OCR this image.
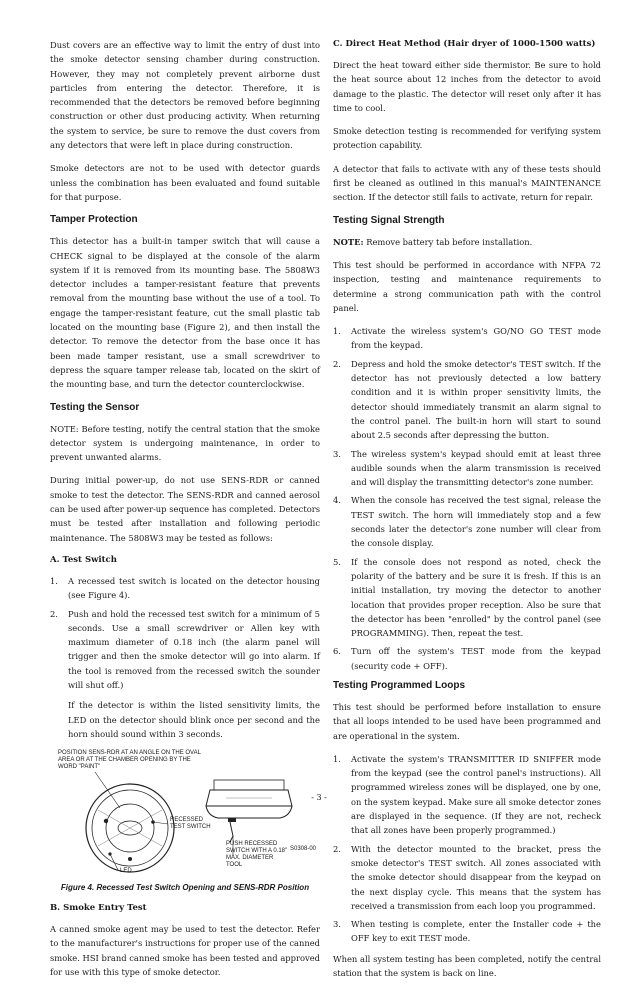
Dust covers are an effective way to limit the entry of dust into the smoke detector sensing chamber during construction. However, they may not completely prevent airborne dust particles from entering the detector. Therefore, it is recommended that the detectors be removed before beginning construction or other dust producing activity. When returning the system to service, be sure to remove the dust covers from any detectors that were left in place during construction.

Smoke detectors are not to be used with detector guards unless the combination has been evaluated and found suitable for that purpose.

Tamper Protection

This detector has a built-in tamper switch that will cause a CHECK signal to be displayed at the console of the alarm system if it is removed from its mounting base. The 5808W3 detector includes a tamper-resistant feature that prevents removal from the mounting base without the use of a tool. To engage the tamper-resistant feature, cut the small plastic tab located on the mounting base (Figure 2), and then install the detector. To remove the detector from the base once it has been made tamper resistant, use a small screwdriver to depress the square tamper release tab, located on the skirt of the mounting base, and turn the detector counterclockwise.

Testing the Sensor

NOTE: Before testing, notify the central station that the smoke detector system is undergoing maintenance, in order to prevent unwanted alarms.

During initial power-up, do not use SENS-RDR or canned smoke to test the detector. The SENS-RDR and canned aerosol can be used after power-up sequence has completed. Detectors must be tested after installation and following periodic maintenance. The 5808W3 may be tested as follows:

A. Test Switch
1. A recessed test switch is located on the detector housing (see Figure 4).
2. Push and hold the recessed test switch for a minimum of 5 seconds. Use a small screwdriver or Allen key with maximum diameter of 0.18 inch (the alarm panel will trigger and then the smoke detector will go into alarm. If the tool is removed from the recessed switch the sounder will shut off.)

If the detector is within the listed sensitivity limits, the LED on the detector should blink once per second and the horn should sound within 3 seconds.

POSITION SENS-RDR AT AN ANGLE ON THE OVAL AREA OR AT THE CHAMBER OPENING BY THE WORD "PAINT"
RECESSED TEST SWITCH
LED
PUSH RECESSED SWITCH WITH A 0.18" MAX. DIAMETER TOOL
S0308-00
Figure 4. Recessed Test Switch Opening and SENS-RDR Position
B. Smoke Entry Test

A canned smoke agent may be used to test the detector. Refer to the manufacturer's instructions for proper use of the canned smoke. HSI brand canned smoke has been tested and approved for use with this type of smoke detector.

C. Direct Heat Method (Hair dryer of 1000-1500 watts)

Direct the heat toward either side thermistor. Be sure to hold the heat source about 12 inches from the detector to avoid damage to the plastic. The detector will reset only after it has time to cool.

Smoke detection testing is recommended for verifying system protection capability.

A detector that fails to activate with any of these tests should first be cleaned as outlined in this manual's MAINTENANCE section. If the detector still fails to activate, return for repair.

Testing Signal Strength

NOTE: Remove battery tab before installation.

This test should be performed in accordance with NFPA 72 inspection, testing and maintenance requirements to determine a strong communication path with the control panel.

1. Activate the wireless system's GO/NO GO TEST mode from the keypad.
2. Depress and hold the smoke detector's TEST switch. If the detector has not previously detected a low battery condition and it is within proper sensitivity limits, the detector should immediately transmit an alarm signal to the control panel. The built-in horn will start to sound about 2.5 seconds after depressing the button.
3. The wireless system's keypad should emit at least three audible sounds when the alarm transmission is received and will display the transmitting detector's zone number.
4. When the console has received the test signal, release the TEST switch. The horn will immediately stop and a few seconds later the detector's zone number will clear from the console display.
5. If the console does not respond as noted, check the polarity of the battery and be sure it is fresh. If this is an initial installation, try moving the detector to another location that provides proper reception. Also be sure that the detector has been "enrolled" by the control panel (see PROGRAMMING). Then, repeat the test.
6. Turn off the system's TEST mode from the keypad (security code + OFF).
Testing Programmed Loops

This test should be performed before installation to ensure that all loops intended to be used have been programmed and are operational in the system.

1. Activate the system's TRANSMITTER ID SNIFFER mode from the keypad (see the control panel's instructions). All programmed wireless zones will be displayed, one by one, on the system keypad. Make sure all smoke detector zones are displayed in the sequence. (If they are not, recheck that all zones have been properly programmed.)
2. With the detector mounted to the bracket, press the smoke detector's TEST switch. All zones associated with the smoke detector should disappear from the keypad on the next display cycle. This means that the system has received a transmission from each loop you programmed.
3. When testing is complete, enter the Installer code + the OFF key to exit TEST mode.

When all system testing has been completed, notify the central station that the system is back on line.

- 3 -
